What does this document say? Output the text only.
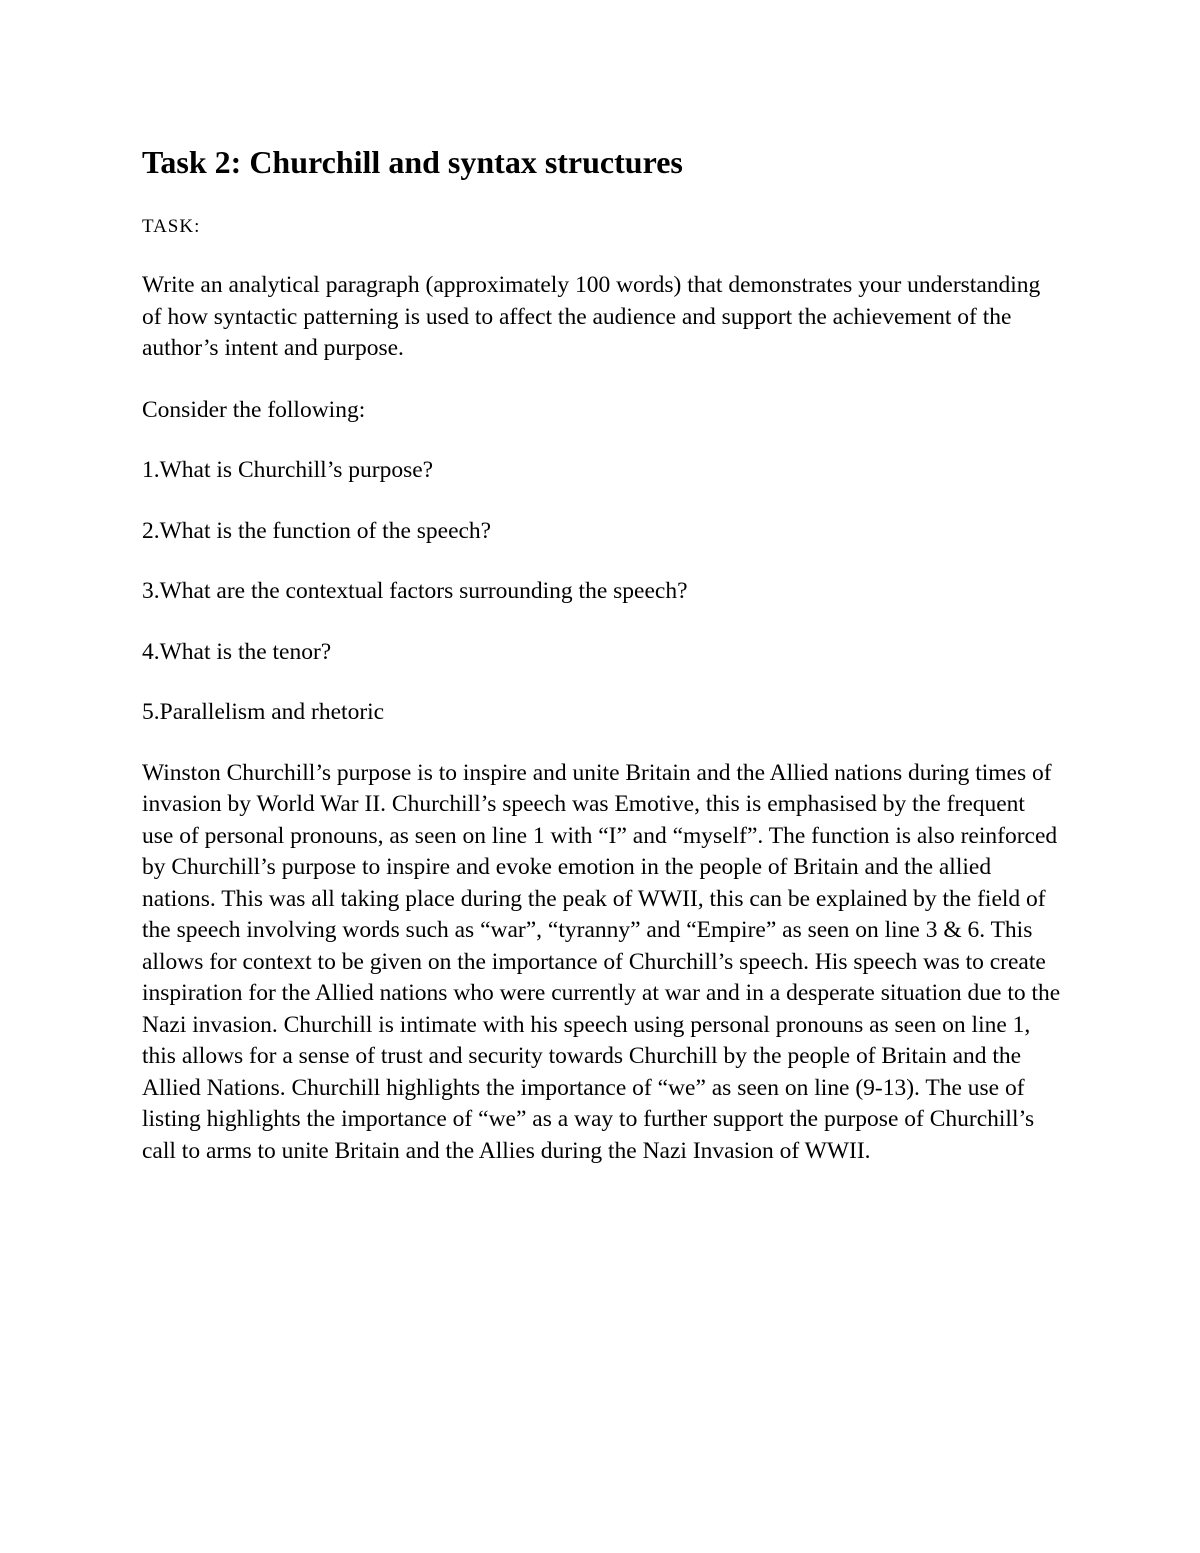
Task 2: Churchill and syntax structures

TASK:

Write an analytical paragraph (approximately 100 words) that demonstrates your understanding of how syntactic patterning is used to affect the audience and support the achievement of the author’s intent and purpose.

Consider the following:

1.What is Churchill’s purpose?

2.What is the function of the speech?

3.What are the contextual factors surrounding the speech?

4.What is the tenor?

5.Parallelism and rhetoric

Winston Churchill’s purpose is to inspire and unite Britain and the Allied nations during times of invasion by World War II. Churchill’s speech was Emotive, this is emphasised by the frequent use of personal pronouns, as seen on line 1 with “I” and “myself”. The function is also reinforced by Churchill’s purpose to inspire and evoke emotion in the people of Britain and the allied nations. This was all taking place during the peak of WWII, this can be explained by the field of the speech involving words such as “war”, “tyranny” and “Empire” as seen on line 3 & 6. This allows for context to be given on the importance of Churchill’s speech. His speech was to create inspiration for the Allied nations who were currently at war and in a desperate situation due to the Nazi invasion. Churchill is intimate with his speech using personal pronouns as seen on line 1, this allows for a sense of trust and security towards Churchill by the people of Britain and the Allied Nations. Churchill highlights the importance of “we” as seen on line (9-13). The use of listing highlights the importance of “we” as a way to further support the purpose of Churchill’s call to arms to unite Britain and the Allies during the Nazi Invasion of WWII.
